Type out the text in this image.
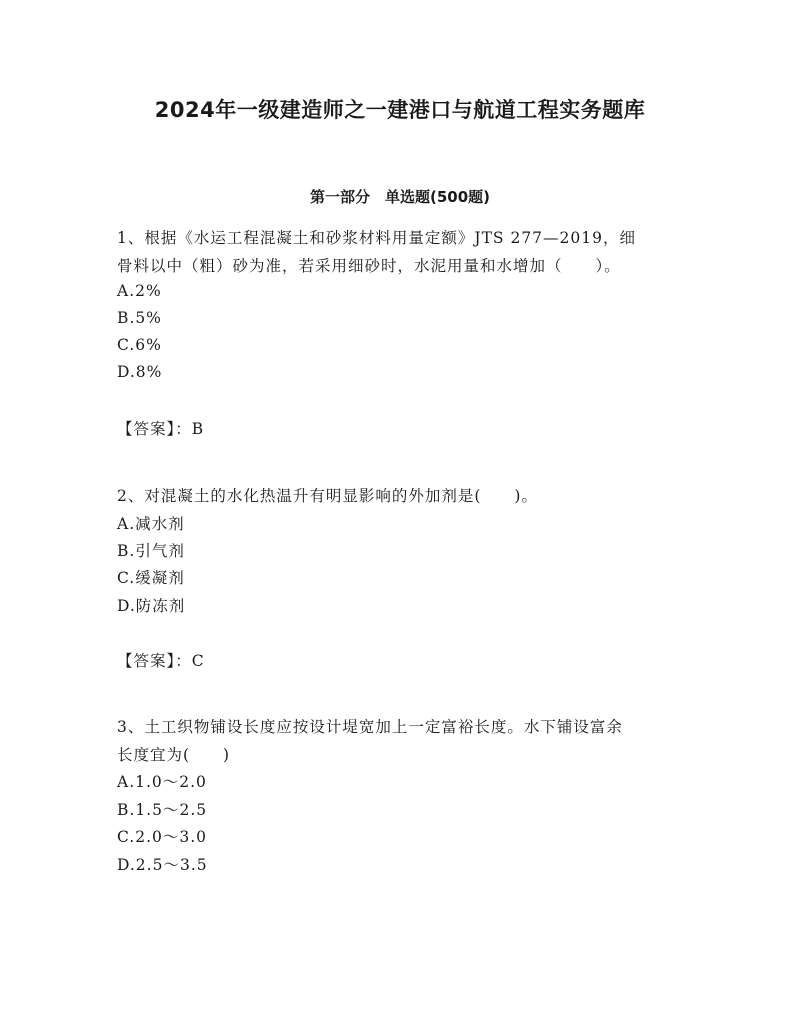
2024年一级建造师之一建港口与航道工程实务题库
第一部分　单选题(500题)
1、根据《水运工程混凝土和砂浆材料用量定额》JTS 277—2019，细
骨料以中（粗）砂为准，若采用细砂时，水泥用量和水增加（　　）。
A.2%
B.5%
C.6%
D.8%
【答案】：B
2、对混凝土的水化热温升有明显影响的外加剂是(　　)。
A.减水剂
B.引气剂
C.缓凝剂
D.防冻剂
【答案】：C
3、土工织物铺设长度应按设计堤宽加上一定富裕长度。水下铺设富余
长度宜为(　　)
A.1.0～2.0
B.1.5～2.5
C.2.0～3.0
D.2.5～3.5
